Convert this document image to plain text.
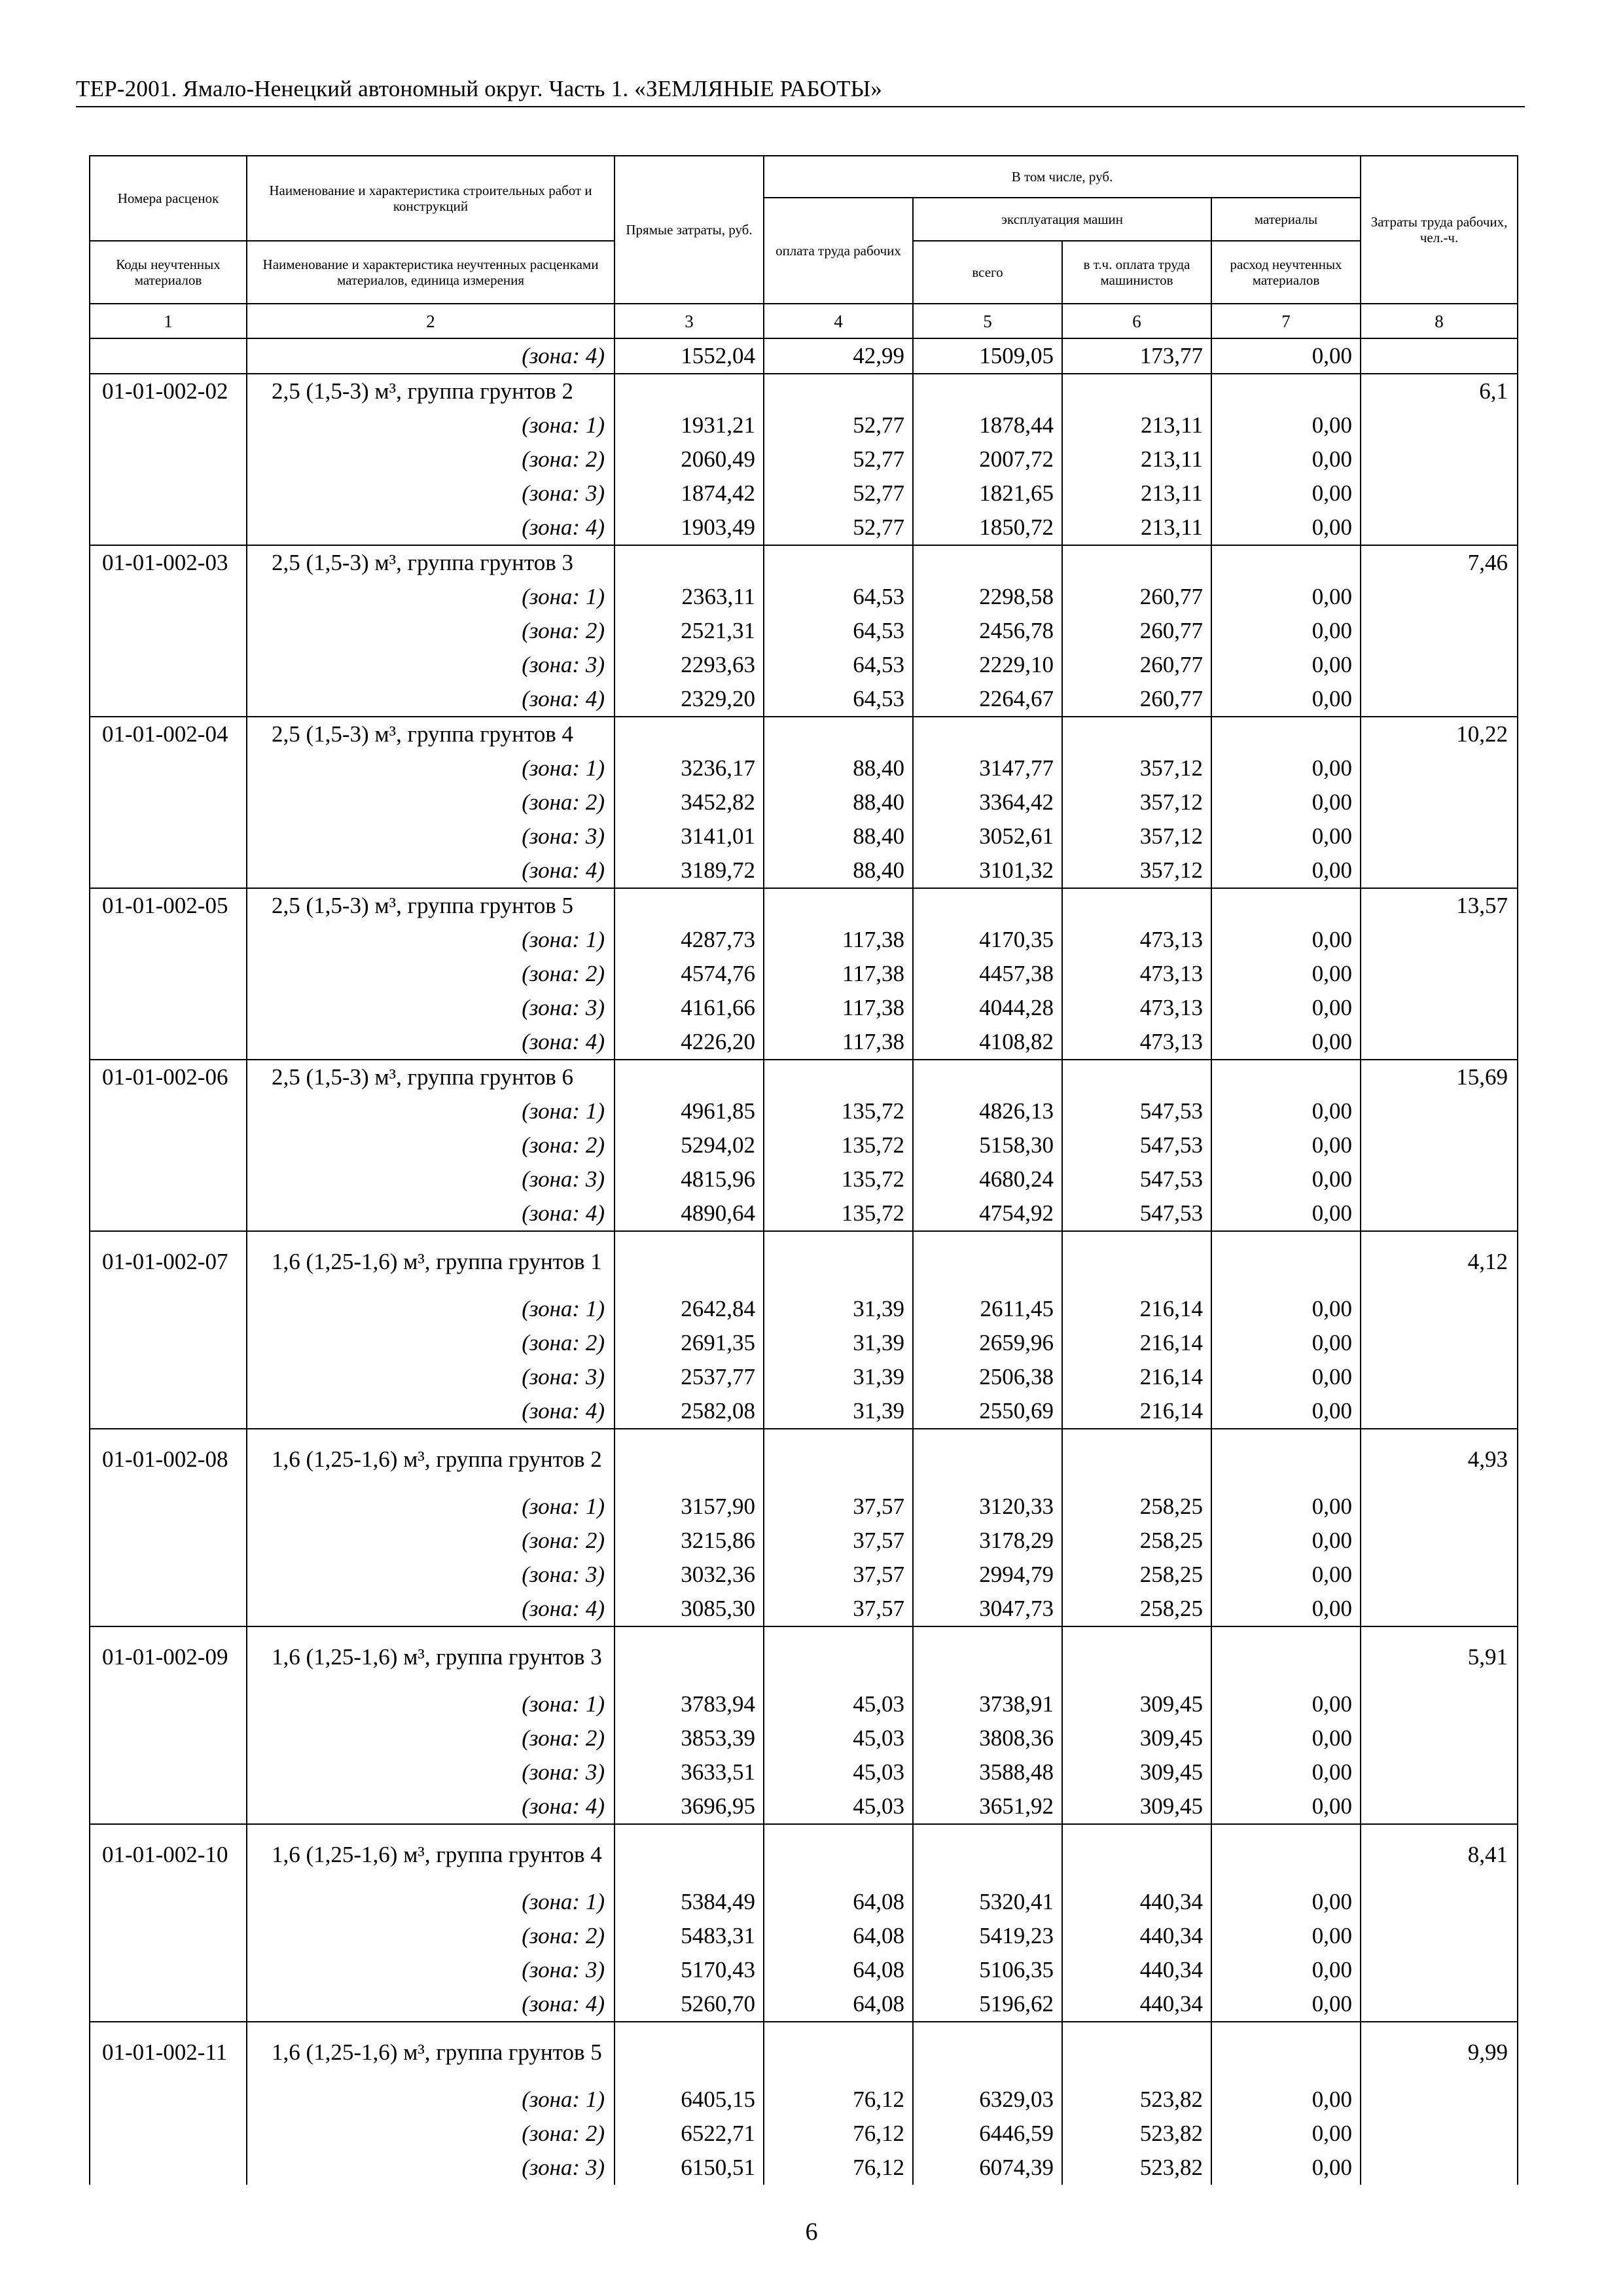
ТЕР-2001. Ямало-Ненецкий автономный округ. Часть 1. «ЗЕМЛЯНЫЕ РАБОТЫ»
Номера расценок	Наименование и характеристика строительных работ и конструкций	Прямые затраты, руб.	В том числе, руб.				Затраты труда рабочих, чел.-ч.
			оплата труда рабочих	эксплуатация машин		материалы	
Коды неучтенных материалов	Наименование и характеристика неучтенных расценками материалов, единица измерения			всего	в т.ч. оплата труда машинистов	расход неучтенных материалов	
1	2	3	4	5	6	7	8
	(зона: 4)	1552,04	42,99	1509,05	173,77	0,00	
01-01-002-02	2,5 (1,5-3) м³, группа грунтов 2						6,1
	(зона: 1)	1931,21	52,77	1878,44	213,11	0,00	
	(зона: 2)	2060,49	52,77	2007,72	213,11	0,00	
	(зона: 3)	1874,42	52,77	1821,65	213,11	0,00	
	(зона: 4)	1903,49	52,77	1850,72	213,11	0,00	
01-01-002-03	2,5 (1,5-3) м³, группа грунтов 3						7,46
	(зона: 1)	2363,11	64,53	2298,58	260,77	0,00	
	(зона: 2)	2521,31	64,53	2456,78	260,77	0,00	
	(зона: 3)	2293,63	64,53	2229,10	260,77	0,00	
	(зона: 4)	2329,20	64,53	2264,67	260,77	0,00	
01-01-002-04	2,5 (1,5-3) м³, группа грунтов 4						10,22
	(зона: 1)	3236,17	88,40	3147,77	357,12	0,00	
	(зона: 2)	3452,82	88,40	3364,42	357,12	0,00	
	(зона: 3)	3141,01	88,40	3052,61	357,12	0,00	
	(зона: 4)	3189,72	88,40	3101,32	357,12	0,00	
01-01-002-05	2,5 (1,5-3) м³, группа грунтов 5						13,57
	(зона: 1)	4287,73	117,38	4170,35	473,13	0,00	
	(зона: 2)	4574,76	117,38	4457,38	473,13	0,00	
	(зона: 3)	4161,66	117,38	4044,28	473,13	0,00	
	(зона: 4)	4226,20	117,38	4108,82	473,13	0,00	
01-01-002-06	2,5 (1,5-3) м³, группа грунтов 6						15,69
	(зона: 1)	4961,85	135,72	4826,13	547,53	0,00	
	(зона: 2)	5294,02	135,72	5158,30	547,53	0,00	
	(зона: 3)	4815,96	135,72	4680,24	547,53	0,00	
	(зона: 4)	4890,64	135,72	4754,92	547,53	0,00	
01-01-002-07	1,6 (1,25-1,6) м³, группа грунтов 1						4,12
	(зона: 1)	2642,84	31,39	2611,45	216,14	0,00	
	(зона: 2)	2691,35	31,39	2659,96	216,14	0,00	
	(зона: 3)	2537,77	31,39	2506,38	216,14	0,00	
	(зона: 4)	2582,08	31,39	2550,69	216,14	0,00	
01-01-002-08	1,6 (1,25-1,6) м³, группа грунтов 2						4,93
	(зона: 1)	3157,90	37,57	3120,33	258,25	0,00	
	(зона: 2)	3215,86	37,57	3178,29	258,25	0,00	
	(зона: 3)	3032,36	37,57	2994,79	258,25	0,00	
	(зона: 4)	3085,30	37,57	3047,73	258,25	0,00	
01-01-002-09	1,6 (1,25-1,6) м³, группа грунтов 3						5,91
	(зона: 1)	3783,94	45,03	3738,91	309,45	0,00	
	(зона: 2)	3853,39	45,03	3808,36	309,45	0,00	
	(зона: 3)	3633,51	45,03	3588,48	309,45	0,00	
	(зона: 4)	3696,95	45,03	3651,92	309,45	0,00	
01-01-002-10	1,6 (1,25-1,6) м³, группа грунтов 4						8,41
	(зона: 1)	5384,49	64,08	5320,41	440,34	0,00	
	(зона: 2)	5483,31	64,08	5419,23	440,34	0,00	
	(зона: 3)	5170,43	64,08	5106,35	440,34	0,00	
	(зона: 4)	5260,70	64,08	5196,62	440,34	0,00	
01-01-002-11	1,6 (1,25-1,6) м³, группа грунтов 5						9,99
	(зона: 1)	6405,15	76,12	6329,03	523,82	0,00	
	(зона: 2)	6522,71	76,12	6446,59	523,82	0,00	
	(зона: 3)	6150,51	76,12	6074,39	523,82	0,00	
6
